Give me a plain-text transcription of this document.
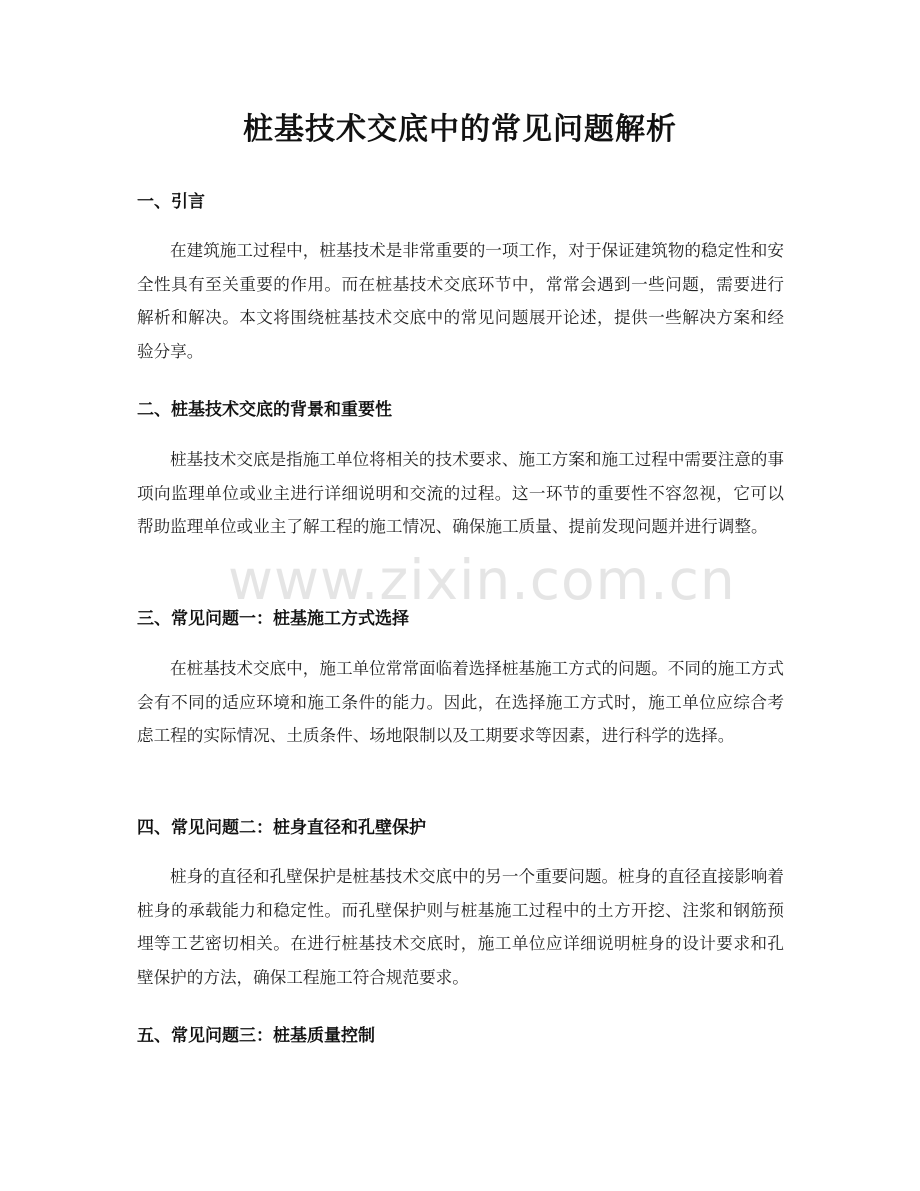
桩基技术交底中的常见问题解析
一、引言
在建筑施工过程中，桩基技术是非常重要的一项工作，对于保证建筑物的稳定性和安全性具有至关重要的作用。而在桩基技术交底环节中，常常会遇到一些问题，需要进行解析和解决。本文将围绕桩基技术交底中的常见问题展开论述，提供一些解决方案和经验分享。
二、桩基技术交底的背景和重要性
桩基技术交底是指施工单位将相关的技术要求、施工方案和施工过程中需要注意的事项向监理单位或业主进行详细说明和交流的过程。这一环节的重要性不容忽视，它可以帮助监理单位或业主了解工程的施工情况、确保施工质量、提前发现问题并进行调整。
三、常见问题一：桩基施工方式选择
在桩基技术交底中，施工单位常常面临着选择桩基施工方式的问题。不同的施工方式会有不同的适应环境和施工条件的能力。因此，在选择施工方式时，施工单位应综合考虑工程的实际情况、土质条件、场地限制以及工期要求等因素，进行科学的选择。
四、常见问题二：桩身直径和孔壁保护
桩身的直径和孔壁保护是桩基技术交底中的另一个重要问题。桩身的直径直接影响着桩身的承载能力和稳定性。而孔壁保护则与桩基施工过程中的土方开挖、注浆和钢筋预埋等工艺密切相关。在进行桩基技术交底时，施工单位应详细说明桩身的设计要求和孔壁保护的方法，确保工程施工符合规范要求。
五、常见问题三：桩基质量控制
www.zixin.com.cn
